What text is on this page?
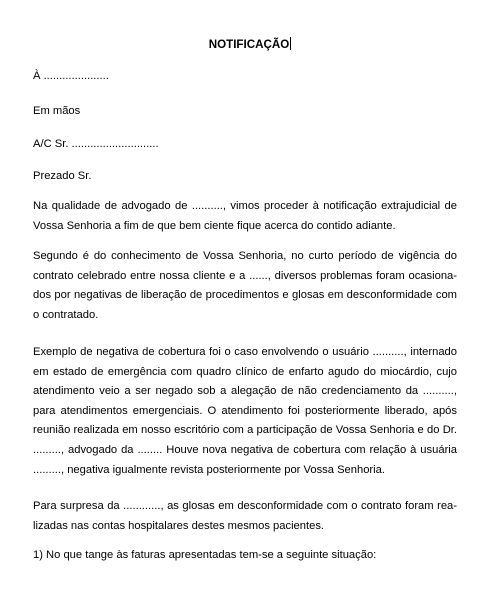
NOTIFICAÇÃO
À .....................
Em mãos
A/C Sr. ............................
Prezado Sr.
Na qualidade de advogado de .........., vimos proceder à notificação extrajudicial de Vossa Senhoria a fim de que bem ciente fique acerca do contido adiante.
Segundo é do conhecimento de Vossa Senhoria, no curto período de vigência do contrato celebrado entre nossa cliente e a ......, diversos problemas foram ocasionados por negativas de liberação de procedimentos e glosas em desconformidade com o contratado.
Exemplo de negativa de cobertura foi o caso envolvendo o usuário .........., internado em estado de emergência com quadro clínico de enfarto agudo do miocárdio, cujo atendimento veio a ser negado sob a alegação de não credenciamento da .........., para atendimentos emergenciais. O atendimento foi posteriormente liberado, após reunião realizada em nosso escritório com a participação de Vossa Senhoria e do Dr. ........., advogado da ........ Houve nova negativa de cobertura com relação à usuária ........., negativa igualmente revista posteriormente por Vossa Senhoria.
Para surpresa da ............, as glosas em desconformidade com o contrato foram realizadas nas contas hospitalares destes mesmos pacientes.
1) No que tange às faturas apresentadas tem-se a seguinte situação:
